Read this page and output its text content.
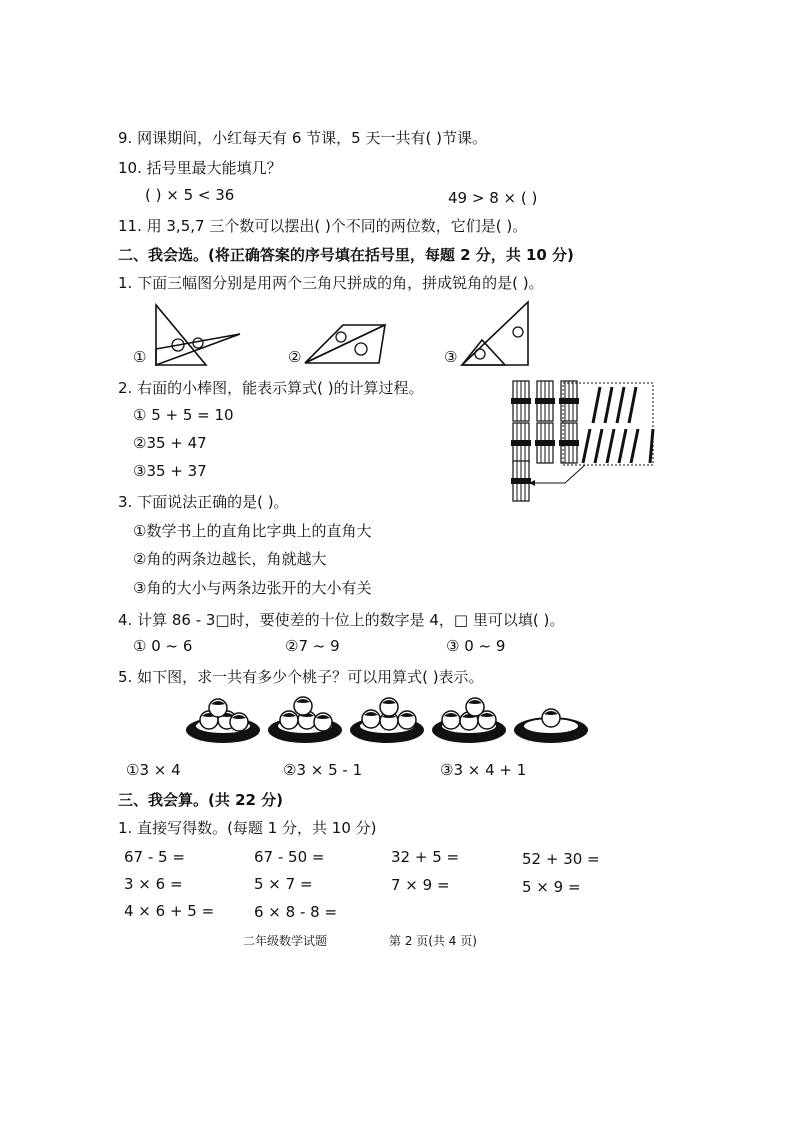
9. 网课期间，小红每天有 6 节课，5 天一共有( )节课。
10. 括号里最大能填几？
( ) × 5 < 36	49 > 8 × ( )
11. 用 3,5,7 三个数可以摆出( )个不同的两位数，它们是( )。
二、我会选。(将正确答案的序号填在括号里，每题 2 分，共 10 分)
1. 下面三幅图分别是用两个三角尺拼成的角，拼成锐角的是( )。
①	②	③
2. 右面的小棒图，能表示算式( )的计算过程。
① 5 + 5 = 10
②35 + 47
③35 + 37
3. 下面说法正确的是( )。
①数学书上的直角比字典上的直角大
②角的两条边越长，角就越大
③角的大小与两条边张开的大小有关
4. 计算 86 - 3□时，要使差的十位上的数字是 4，□ 里可以填( )。
① 0 ~ 6	②7 ~ 9	③ 0 ~ 9
5. 如下图，求一共有多少个桃子？可以用算式( )表示。
①3 × 4	②3 × 5 - 1	③3 × 4 + 1
三、我会算。(共 22 分)
1. 直接写得数。(每题 1 分，共 10 分)
67 - 5 =	67 - 50 =	32 + 5 =	52 + 30 =
3 × 6 =	5 × 7 =	7 × 9 =	5 × 9 =
4 × 6 + 5 =	6 × 8 - 8 =
二年级数学试题	第 2 页(共 4 页)
